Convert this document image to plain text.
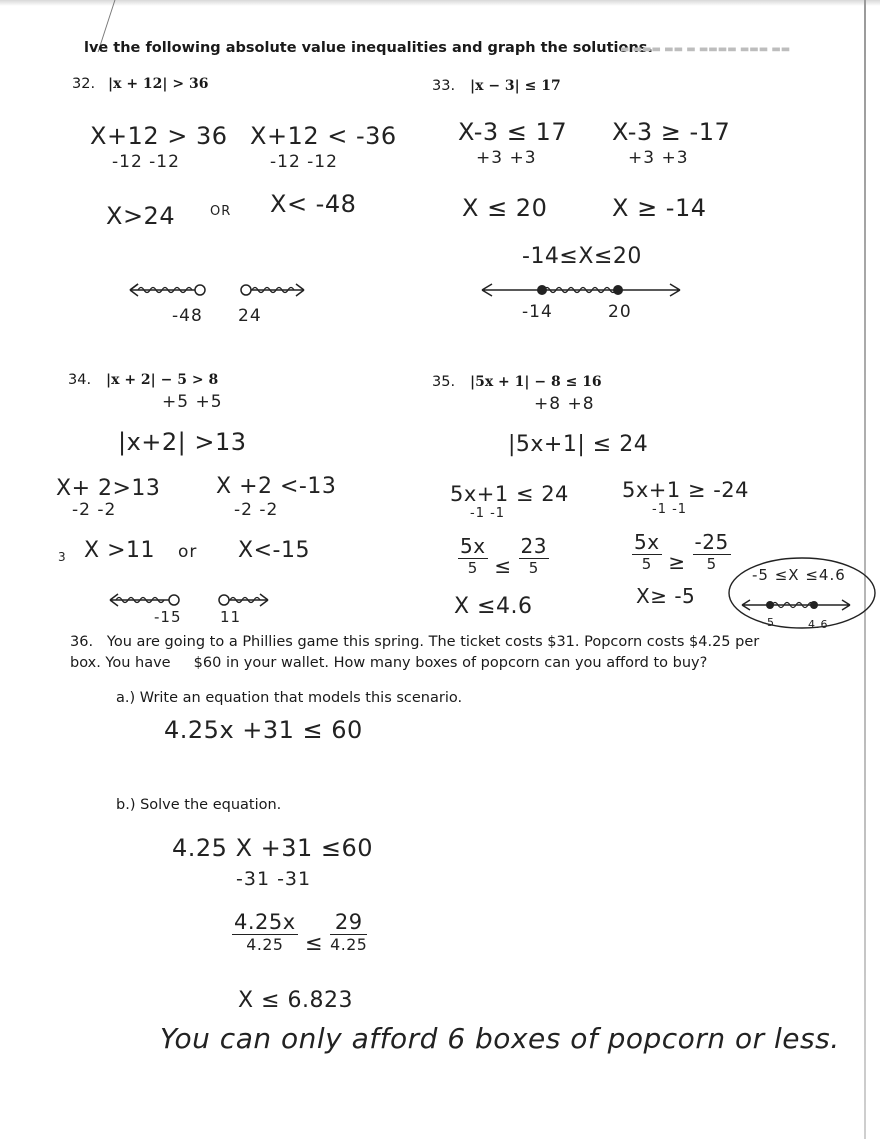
lve the following absolute value inequalities and graph the solutions.
▬ ▬▬▬ ▬▬ ▬ ▬▬▬▬ ▬▬▬ ▬▬
32. |x + 12| > 36
X+12 > 36
-12 -12
X+12 < -36
-12 -12
X>24	OR X< -48
-48 24
33. |x − 3| ≤ 17
X-3 ≤ 17
+3 +3
X-3 ≥ -17
+3 +3
X ≤ 20	X ≥ -14
-14≤X≤20
-14	20
34. |x + 2| − 5 > 8
+5 +5
|x+2| >13
X+ 2>13
-2 -2
X +2 <-13
-2 -2
3 X >11 or X<-15
-15	11
35. |5x + 1| − 8 ≤ 16
+8 +8
|5x+1| ≤ 24
5x+1 ≤ 24
-1 -1
5x+1 ≥ -24
-1 -1
$\frac{5x}{5} \le \frac{23}{5}$	$\frac{5x}{5} \ge \frac{-25}{5}$
X ≤4.6	X≥ -5
-5 ≤X ≤4.6
-5	4.6
36. You are going to a Phillies game this spring. The ticket costs $31. Popcorn costs $4.25 per
box. You have     $60 in your wallet. How many boxes of popcorn can you afford to buy?
a.) Write an equation that models this scenario.
4.25x +31 ≤ 60
b.) Solve the equation.
4.25 X +31 ≤60
-31 -31
$\frac{4.25x}{4.25} \le \frac{29}{4.25}$
X ≤ 6.823
You can only afford 6 boxes of popcorn or less.
